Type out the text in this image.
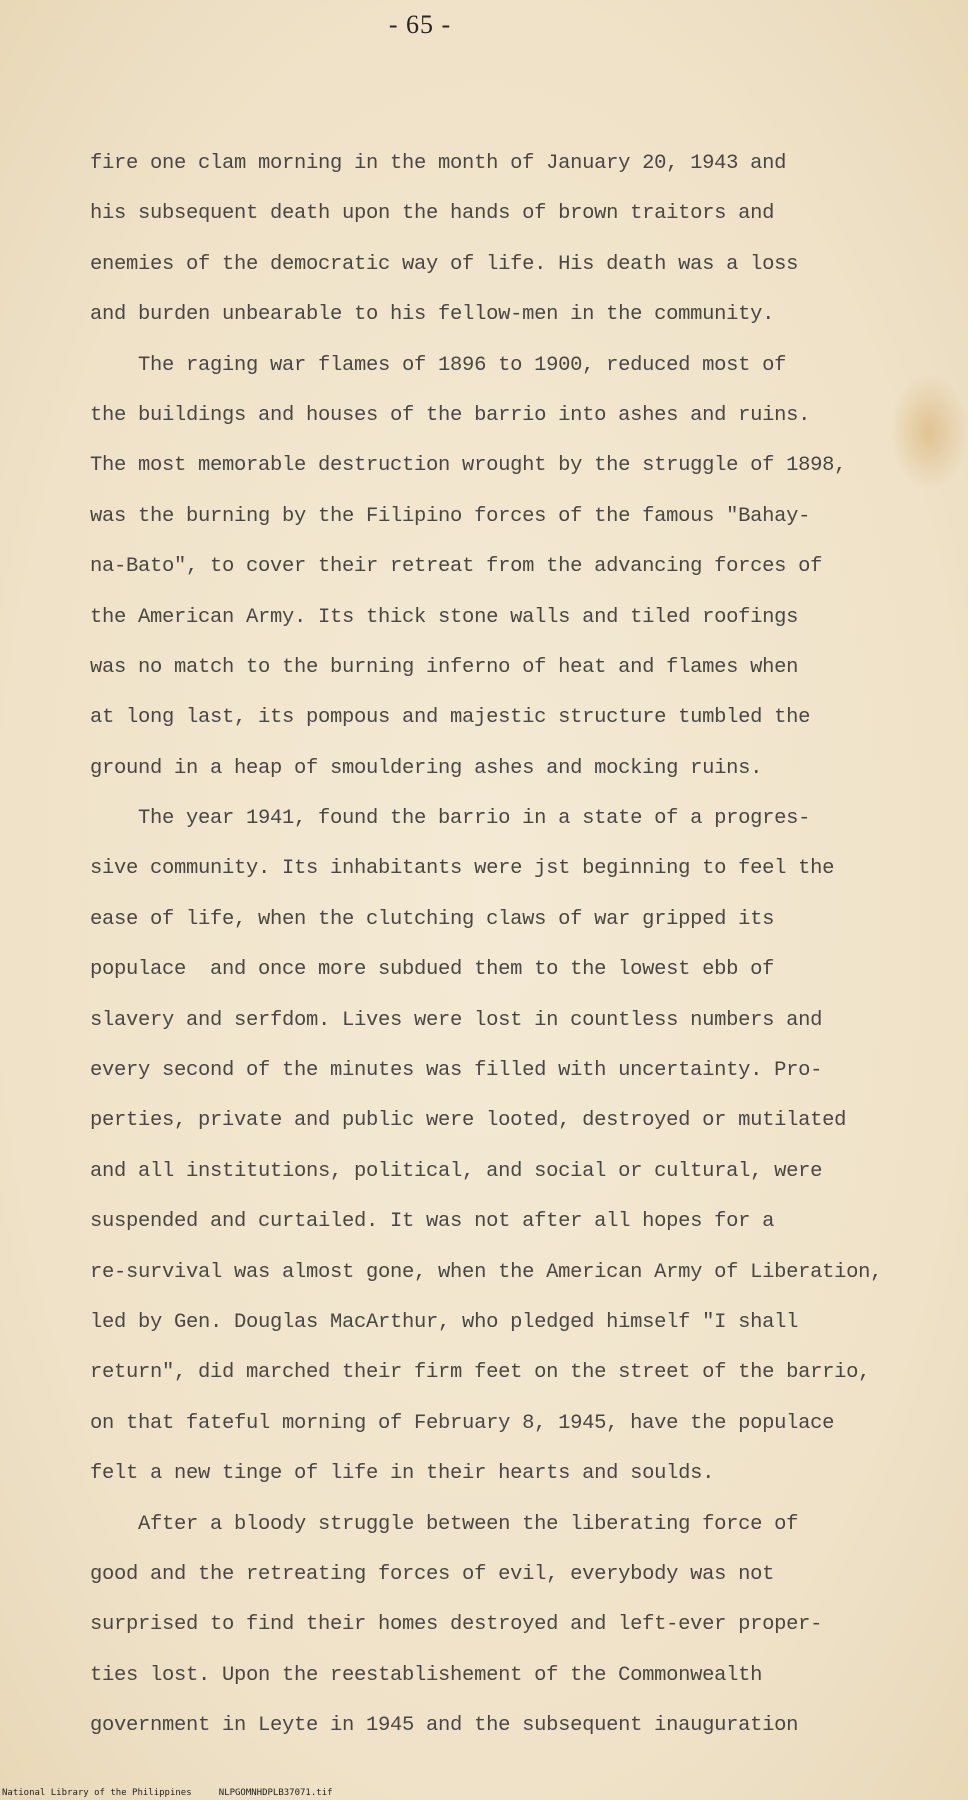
- 65 -
fire one clam morning in the month of January 20, 1943 and
his subsequent death upon the hands of brown traitors and
enemies of the democratic way of life. His death was a loss
and burden unbearable to his fellow-men in the community.
The raging war flames of 1896 to 1900, reduced most of
the buildings and houses of the barrio into ashes and ruins.
The most memorable destruction wrought by the struggle of 1898,
was the burning by the Filipino forces of the famous "Bahay-
na-Bato", to cover their retreat from the advancing forces of
the American Army. Its thick stone walls and tiled roofings
was no match to the burning inferno of heat and flames when
at long last, its pompous and majestic structure tumbled the
ground in a heap of smouldering ashes and mocking ruins.
The year 1941, found the barrio in a state of a progres-
sive community. Its inhabitants were jst beginning to feel the
ease of life, when the clutching claws of war gripped its
populace  and once more subdued them to the lowest ebb of
slavery and serfdom. Lives were lost in countless numbers and
every second of the minutes was filled with uncertainty. Pro-
perties, private and public were looted, destroyed or mutilated
and all institutions, political, and social or cultural, were
suspended and curtailed. It was not after all hopes for a
re-survival was almost gone, when the American Army of Liberation,
led by Gen. Douglas MacArthur, who pledged himself "I shall
return", did marched their firm feet on the street of the barrio,
on that fateful morning of February 8, 1945, have the populace
felt a new tinge of life in their hearts and soulds.
After a bloody struggle between the liberating force of
good and the retreating forces of evil, everybody was not
surprised to find their homes destroyed and left-ever proper-
ties lost. Upon the reestablishement of the Commonwealth
government in Leyte in 1945 and the subsequent inauguration
National Library of the Philippines     NLPGOMNHDPLB37071.tif
